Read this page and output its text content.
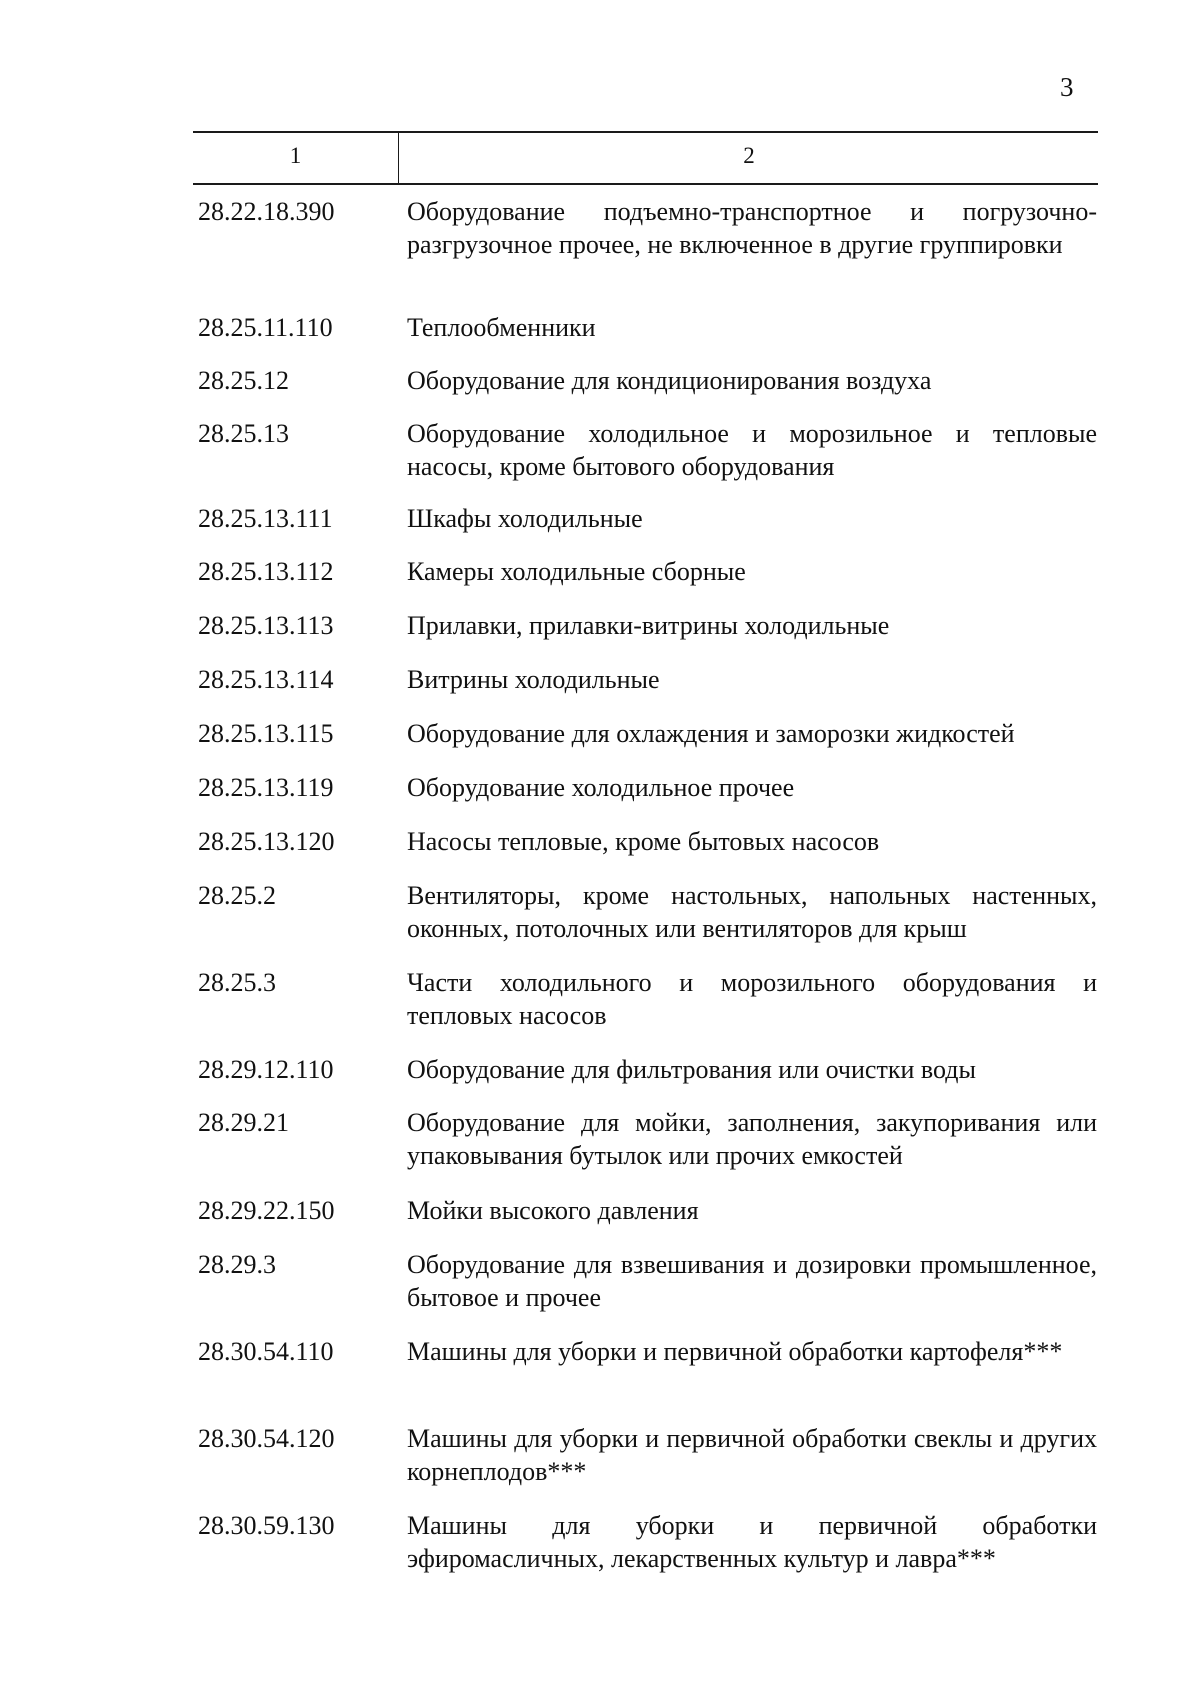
3
1	2
28.22.18.390	Оборудование подъемно-транспортное и погрузочно-разгрузочное прочее, не включенное в другие группировки
28.25.11.110	Теплообменники
28.25.12	Оборудование для кондиционирования воздуха
28.25.13	Оборудование холодильное и морозильное и тепловые насосы, кроме бытового оборудования
28.25.13.111	Шкафы холодильные
28.25.13.112	Камеры холодильные сборные
28.25.13.113	Прилавки, прилавки-витрины холодильные
28.25.13.114	Витрины холодильные
28.25.13.115	Оборудование для охлаждения и заморозки жидкостей
28.25.13.119	Оборудование холодильное прочее
28.25.13.120	Насосы тепловые, кроме бытовых насосов
28.25.2	Вентиляторы, кроме настольных, напольных настенных, оконных, потолочных или вентиляторов для крыш
28.25.3	Части холодильного и морозильного оборудования и тепловых насосов
28.29.12.110	Оборудование для фильтрования или очистки воды
28.29.21	Оборудование для мойки, заполнения, закупоривания или упаковывания бутылок или прочих емкостей
28.29.22.150	Мойки высокого давления
28.29.3	Оборудование для взвешивания и дозировки промышленное, бытовое и прочее
28.30.54.110	Машины для уборки и первичной обработки картофеля***
28.30.54.120	Машины для уборки и первичной обработки свеклы и других корнеплодов***
28.30.59.130	Машины для уборки и первичной обработки эфиромасличных, лекарственных культур и лавра***
